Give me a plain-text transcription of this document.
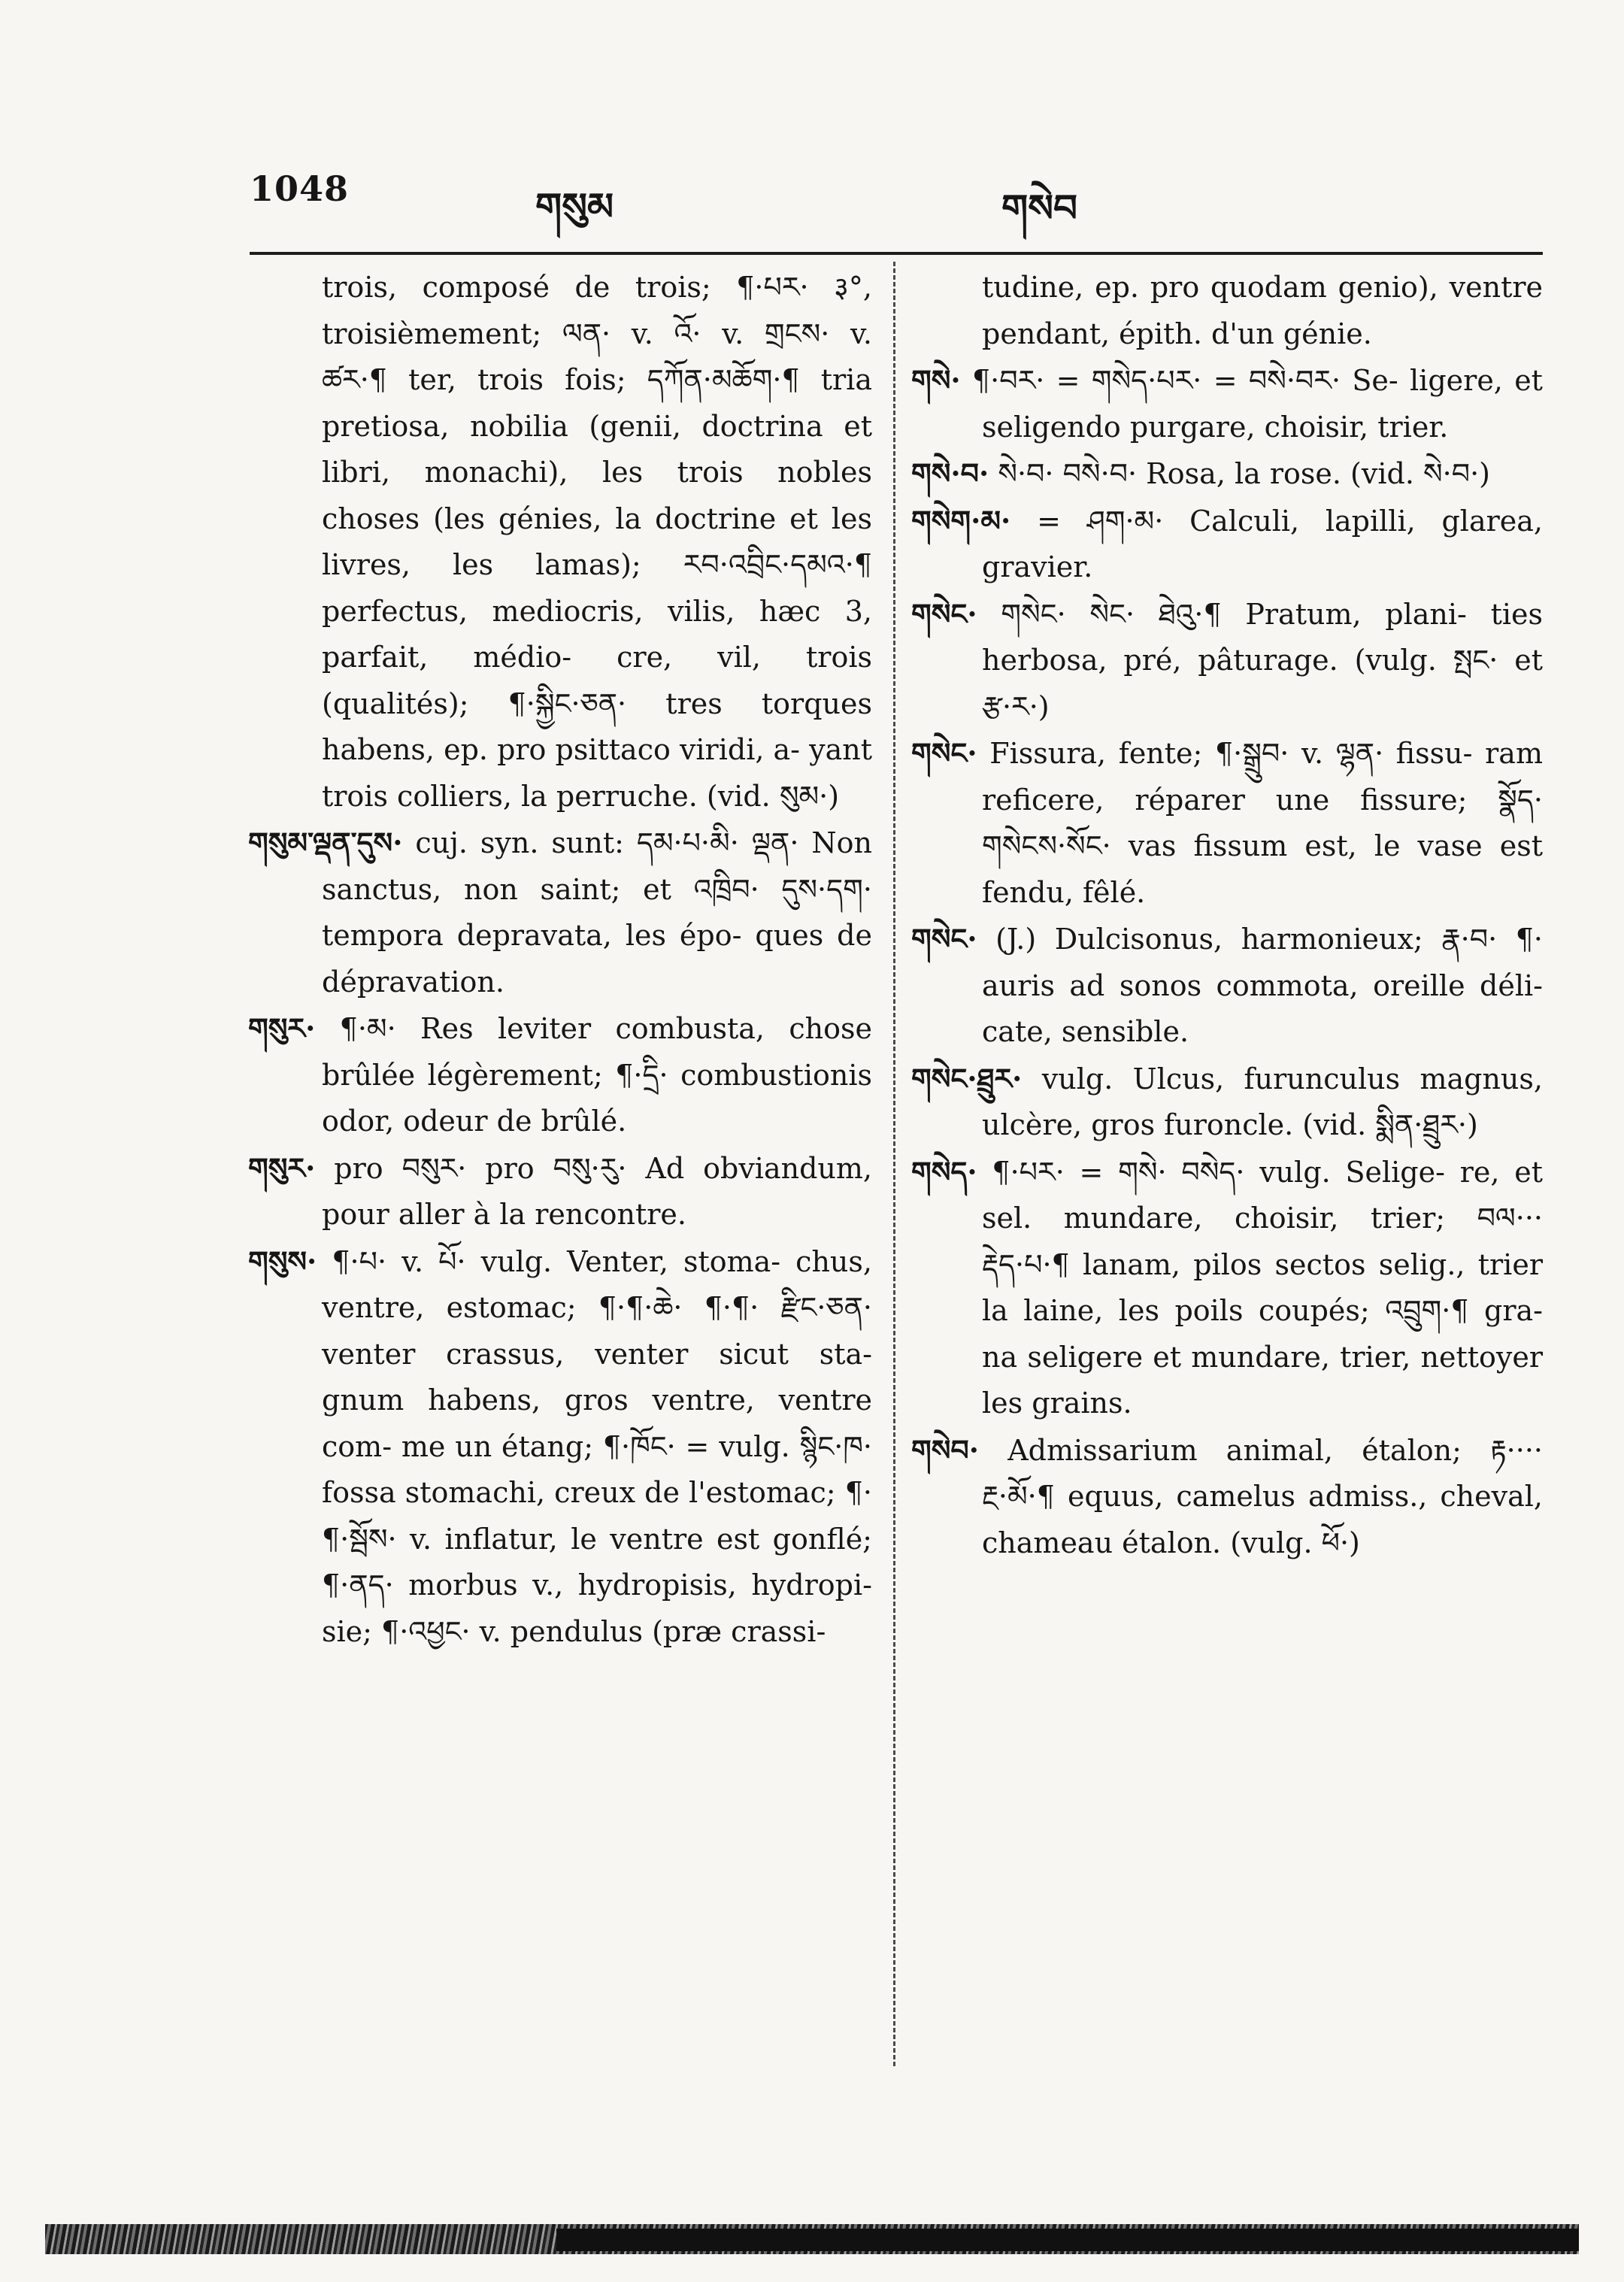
1048	གསུམ	གསེབ

trois, composé de trois; ¶·པར· ३°, troisièmement; ལན· v. འོ· v. གྲངས· v. ཚར·¶ ter, trois fois; དཀོན·མཆོག·¶ tria pretiosa, nobilia (genii, doctrina et libri, monachi), les trois nobles choses (les génies, la doctrine et les livres, les lamas); རབ·འབྲིང·དམའ·¶ perfectus, mediocris, vilis, hæc 3, parfait, médio- cre, vil, trois (qualités); ¶·སྐྱིང·ཅན· tres torques habens, ep. pro psittaco viridi, a- yant trois colliers, la perruche. (vid. སུམ·)

གསུམ་ལྡན་དུས· cuj. syn. sunt: དམ·པ·མི· ལྡན· Non sanctus, non saint; et འཁྲིབ· དུས·དག· tempora depravata, les épo- ques de dépravation.

གསུར· ¶·མ· Res leviter combusta, chose brûlée légèrement; ¶·དྲི· combustionis odor, odeur de brûlé.

གསུར· pro བསུར· pro བསུ·རུ· Ad obviandum, pour aller à la rencontre.

གསུས· ¶·པ· v. པོ· vulg. Venter, stoma- chus, ventre, estomac; ¶·¶·ཆེ· ¶·¶· རྫིང·ཅན· venter crassus, venter sicut sta- gnum habens, gros ventre, ventre com- me un étang; ¶·ཁོང· = vulg. སྙིང·ཁ· fossa stomachi, creux de l'estomac; ¶· ¶·སྦོས· v. inflatur, le ventre est gonflé; ¶·ནད· morbus v., hydropisis, hydropi- sie; ¶·འཕྱང· v. pendulus (præ crassi-

tudine, ep. pro quodam genio), ventre pendant, épith. d'un génie.

གསེ· ¶·བར· = གསེད·པར· = བསེ·བར· Se- ligere, et seligendo purgare, choisir, trier.

གསེ·བ· སེ·བ· བསེ·བ· Rosa, la rose. (vid. སེ·བ·)

གསེག·མ· = ཤག·མ· Calculi, lapilli, glarea, gravier.

གསེང· གསེང· སེང· ཐེའུ·¶ Pratum, plani- ties herbosa, pré, pâturage. (vulg. སྤང· et རྩ·ར·)

གསེང· Fissura, fente; ¶·སྒྲུབ· v. ལྷན· fissu- ram reficere, réparer une fissure; སྣོད· གསེངས·སོང· vas fissum est, le vase est fendu, fêlé.

གསེང· (J.) Dulcisonus, harmonieux; རྣ·བ· ¶· auris ad sonos commota, oreille déli- cate, sensible.

གསེང·ཐྲུར· vulg. Ulcus, furunculus magnus, ulcère, gros furoncle. (vid. སྨིན·ཐྲུར·)

གསེད· ¶·པར· = གསེ· བསེད· vulg. Selige- re, et sel. mundare, choisir, trier; བལ··· རྡེད·པ·¶ lanam, pilos sectos selig., trier la laine, les poils coupés; འབྲུག·¶ gra- na seligere et mundare, trier, nettoyer les grains.

གསེབ· Admissarium animal, étalon; རྟ···· རྔ·མོ·¶ equus, camelus admiss., cheval, chameau étalon. (vulg. ཕོ·)
